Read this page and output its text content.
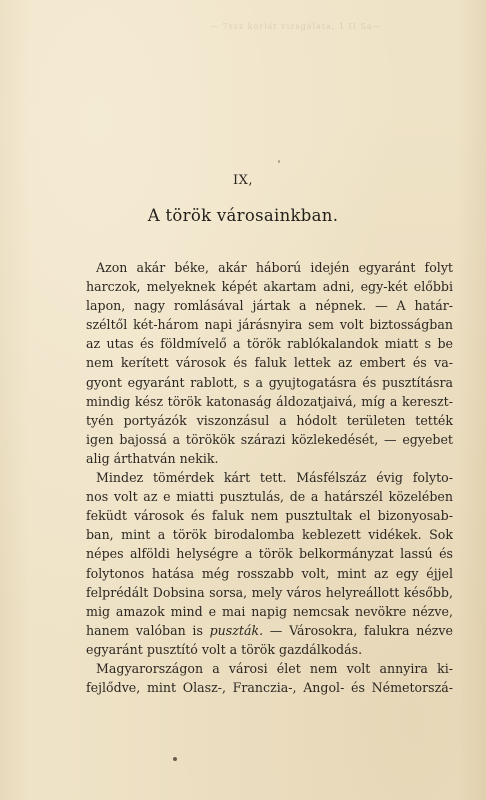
— 7ssz korlát vizsgálata, 1 II Sa—
IX,
A török városainkban.
Azon akár béke, akár háború idején egyaránt folyt
harczok, melyeknek képét akartam adni, egy-két előbbi
lapon, nagy romlásával jártak a népnek. — A határ-
széltől két-három napi járásnyira sem volt biztosságban
az utas és földmívelő a török rablókalandok miatt s be
nem kerített városok és faluk lettek az embert és va-
gyont egyaránt rablott, s a gyujtogatásra és pusztításra
mindig kész török katonaság áldozatjaivá, míg a kereszt-
tyén portyázók viszonzásul a hódolt területen tették
igen bajossá a törökök szárazi közlekedését, — egyebet
alig árthatván nekik.
Mindez tömérdek kárt tett. Másfélszáz évig folyto-
nos volt az e miatti pusztulás, de a határszél közelében
feküdt városok és faluk nem pusztultak el bizonyosab-
ban, mint a török birodalomba keblezett vidékek. Sok
népes alföldi helységre a török belkormányzat lassú és
folytonos hatása még rosszabb volt, mint az egy éjjel
felprédált Dobsina sorsa, mely város helyreállott később,
mig amazok mind e mai napig nemcsak nevökre nézve,
hanem valóban is puszták. — Városokra, falukra nézve
egyaránt pusztító volt a török gazdálkodás.
Magyarországon a városi élet nem volt annyira ki-
fejlődve, mint Olasz-, Franczia-, Angol- és Németorszá-
